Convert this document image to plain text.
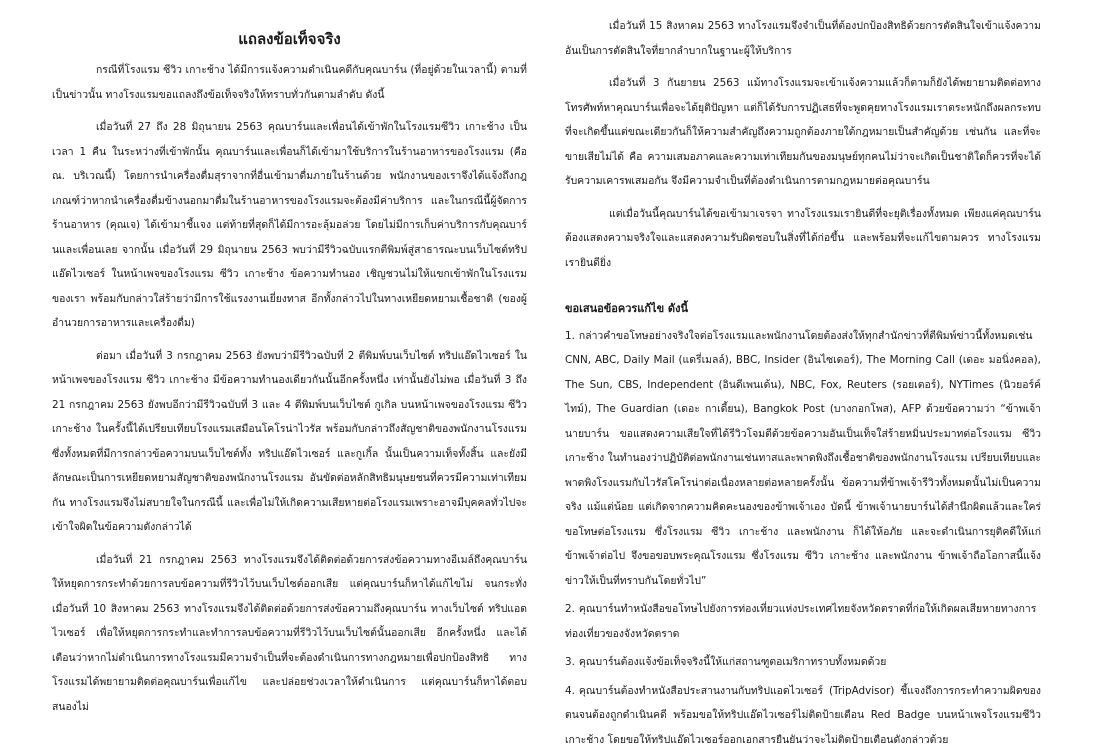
แถลงข้อเท็จจริง

กรณีที่โรงแรม ซีวิว เกาะช้าง ได้มีการแจ้งความดำเนินคดีกับคุณบาร์น (ที่อยู่ด้วยในเวลานี้) ตามที่เป็นข่าวนั้น ทางโรงแรมขอแถลงถึงข้อเท็จจริงให้ทราบทั่วกันตามลำดับ ดังนี้

เมื่อวันที่ 27 ถึง 28 มิถุนายน 2563 คุณบาร์นและเพื่อนได้เข้าพักในโรงแรมซีวิว เกาะช้าง เป็นเวลา 1 คืน ในระหว่างที่เข้าพักนั้น คุณบาร์นและเพื่อนก็ได้เข้ามาใช้บริการในร้านอาหารของโรงแรม (คือ ณ. บริเวณนี้) โดยการนำเครื่องดื่มสุราจากที่อื่นเข้ามาดื่มภายในร้านด้วย พนักงานของเราจึงได้แจ้งถึงกฎเกณฑ์ว่าหากนำเครื่องดื่มข้างนอกมาดื่มในร้านอาหารของโรงแรมจะต้องมีค่าบริการ และในกรณีนี้ผู้จัดการร้านอาหาร (คุณเจ) ได้เข้ามาชี้แจง แต่ท้ายที่สุดก็ได้มีการอะลุ้มอล่วย โดยไม่มีการเก็บค่าบริการกับคุณบาร์นและเพื่อนเลย จากนั้น เมื่อวันที่ 29 มิถุนายน 2563 พบว่ามีรีวิวฉบับแรกตีพิมพ์สู่สาธารณะบนเว็บไซต์ทริปแอ๊ดไวเซอร์ ในหน้าเพจของโรงแรม ซีวิว เกาะช้าง ข้อความทำนอง เชิญชวนไม่ให้แขกเข้าพักในโรงแรมของเรา พร้อมกับกล่าวใส่ร้ายว่ามีการใช้แรงงานเยี่ยงทาส อีกทั้งกล่าวไปในทางเหยียดหยามเชื้อชาติ (ของผู้อำนวยการอาหารและเครื่องดื่ม)

ต่อมา เมื่อวันที่ 3 กรกฎาคม 2563 ยังพบว่ามีรีวิวฉบับที่ 2 ตีพิมพ์บนเว็บไซต์ ทริปแอ๊ดไวเซอร์ ในหน้าเพจของโรงแรม ซีวิว เกาะช้าง มีข้อความทำนองเดียวกันนั้นอีกครั้งหนึ่ง เท่านั้นยังไม่พอ เมื่อวันที่ 3 ถึง 21 กรกฎาคม 2563 ยังพบอีกว่ามีรีวิวฉบับที่ 3 และ 4 ตีพิมพ์บนเว็บไซต์ กูเกิล บนหน้าเพจของโรงแรม ซีวิว เกาะช้าง ในครั้งนี้ได้เปรียบเทียบโรงแรมเสมือนโคโรน่าไวรัส พร้อมกับกล่าวถึงสัญชาติของพนักงานโรงแรม ซึ่งทั้งหมดที่มีการกล่าวข้อความบนเว็บไซต์ทั้ง ทริปแอ๊ดไวเซอร์ และกูเกิ้ล นั้นเป็นความเท็จทั้งสิ้น และยังมีลักษณะเป็นการเหยียดหยามสัญชาติของพนักงานโรงแรม อันขัดต่อหลักสิทธิมนุษยชนที่ควรมีความเท่าเทียมกัน ทางโรงแรมจึงไม่สบายใจในกรณีนี้ และเพื่อไม่ให้เกิดความเสียหายต่อโรงแรมเพราะอาจมีบุคคลทั่วไปจะเข้าใจผิดในข้อความดังกล่าวได้

เมื่อวันที่ 21 กรกฎาคม 2563 ทางโรงแรมจึงได้ติดต่อด้วยการส่งข้อความทางอีเมล์ถึงคุณบาร์น ให้หยุดการกระทำด้วยการลบข้อความที่รีวิวไว้บนเว็บไซต์ออกเสีย แต่คุณบาร์นก็หาได้แก้ไขไม่ จนกระทั่งเมื่อวันที่ 10 สิงหาคม 2563 ทางโรงแรมจึงได้ติดต่อด้วยการส่งข้อความถึงคุณบาร์น ทางเว็บไซต์ ทริปแอดไวเซอร์ เพื่อให้หยุดการกระทำและทำการลบข้อความที่รีวิวไว้บนเว็บไซต์นั้นออกเสีย อีกครั้งหนึ่ง และได้เตือนว่าหากไม่ดำเนินการทางโรงแรมมีความจำเป็นที่จะต้องดำเนินการทางกฎหมายเพื่อปกป้องสิทธิ ทางโรงแรมได้พยายามติดต่อคุณบาร์นเพื่อแก้ไข และปล่อยช่วงเวลาให้ดำเนินการ แต่คุณบาร์นก็หาได้ตอบสนองไม่

เมื่อวันที่ 15 สิงหาคม 2563 ทางโรงแรมจึงจำเป็นที่ต้องปกป้องสิทธิด้วยการตัดสินใจเข้าแจ้งความอันเป็นการตัดสินใจที่ยากลำบากในฐานะผู้ให้บริการ

เมื่อวันที่ 3 กันยายน 2563 แม้ทางโรงแรมจะเข้าแจ้งความแล้วก็ตามก็ยังได้พยายามติดต่อทางโทรศัพท์หาคุณบาร์นเพื่อจะได้ยุติปัญหา แต่ก็ได้รับการปฏิเสธที่จะพูดคุยทางโรงแรมเราตระหนักถึงผลกระทบที่จะเกิดขึ้นแต่ขณะเดียวกันก็ให้ความสำคัญถึงความถูกต้องภายใต้กฎหมายเป็นสำคัญด้วย เช่นกัน และที่จะขายเสียไม่ได้ คือ ความเสมอภาคและความเท่าเทียมกันของมนุษย์ทุกคนไม่ว่าจะเกิดเป็นชาติใดก็ควรที่จะได้รับความเคารพเสมอกัน จึงมีความจำเป็นที่ต้องดำเนินการตามกฎหมายต่อคุณบาร์น

แต่เมื่อวันนี้คุณบาร์นได้ขอเข้ามาเจรจา ทางโรงแรมเรายินดีที่จะยุติเรื่องทั้งหมด เพียงแค่คุณบาร์นต้องแสดงความจริงใจและแสดงความรับผิดชอบในสิ่งที่ได้ก่อขึ้น และพร้อมที่จะแก้ไขตามควร ทางโรงแรมเรายินดียิ่ง

ขอเสนอข้อควรแก้ไข ดังนี้
1. กล่าวคำขอโทษอย่างจริงใจต่อโรงแรมและพนักงานโดยต้องส่งให้ทุกสำนักข่าวที่ตีพิมพ์ข่าวนี้ทั้งหมดเช่น CNN, ABC, Daily Mail (แดรี่เมลล์), BBC, Insider (อินไซเดอร์), The Morning Call (เดอะ มอนิ่งคอล), The Sun, CBS, Independent (อินดีเพนเด้น), NBC, Fox, Reuters (รอยเตอร์), NYTimes (นิวยอร์ค์ไทม์), The Guardian (เดอะ กาเดี้ยน), Bangkok Post (บางกอกโพส), AFP ด้วยข้อความว่า “ข้าพเจ้านายบาร์น ขอแสดงความเสียใจที่ได้รีวิวโจมตีด้วยข้อความอันเป็นเท็จใส่ร้ายหมิ่นประมาทต่อโรงแรม ซีวิว เกาะช้าง ในทำนองว่าปฏิบัติต่อพนักงานเช่นทาสและพาดพิงถึงเชื้อชาติของพนักงานโรงแรม เปรียบเทียบและพาดพิงโรงแรมกับไวรัสโคโรน่าต่อเนื่องหลายต่อหลายครั้งนั้น ข้อความที่ข้าพเจ้ารีวิวทั้งหมดนั้นไม่เป็นความจริง แม้แต่น้อย แต่เกิดจากความคิดคะนองของข้าพเจ้าเอง บัดนี้ ข้าพเจ้านายบาร์นได้สำนึกผิดแล้วและใคร่ขอโทษต่อโรงแรม ซึ่งโรงแรม ซีวิว เกาะช้าง และพนักงาน ก็ได้ให้อภัย และจะดำเนินการยุติคดีให้แก่ข้าพเจ้าต่อไป จึงขอขอบพระคุณโรงแรม ซึ่งโรงแรม ซีวิว เกาะช้าง และพนักงาน ข้าพเจ้าถือโอกาสนี้แจ้งข่าวให้เป็นที่ทราบกันโดยทั่วไป”
2. คุณบาร์นทำหนังสือขอโทษไปยังการท่องเที่ยวแห่งประเทศไทยจังหวัดตราดที่ก่อให้เกิดผลเสียหายทางการท่องเที่ยวของจังหวัดตราด
3. คุณบาร์นต้องแจ้งข้อเท็จจริงนี้ให้แก่สถานฑูตอเมริกาทราบทั้งหมดด้วย
4. คุณบาร์นต้องทำหนังสือประสานงานกับทริปแอดไวเซอร์ (TripAdvisor) ชี้แจงถึงการกระทำความผิดของตนจนต้องถูกดำเนินคดี พร้อมขอให้ทริปแอ๊ดไวเซอร์ไม่ติดป้ายเตือน Red Badge บนหน้าเพจโรงแรมซีวิว เกาะช้าง โดยขอให้ทริปแอ๊ดไวเซอร์ออกเอกสารยืนยันว่าจะไม่ติดป้ายเตือนดังกล่าวด้วย
